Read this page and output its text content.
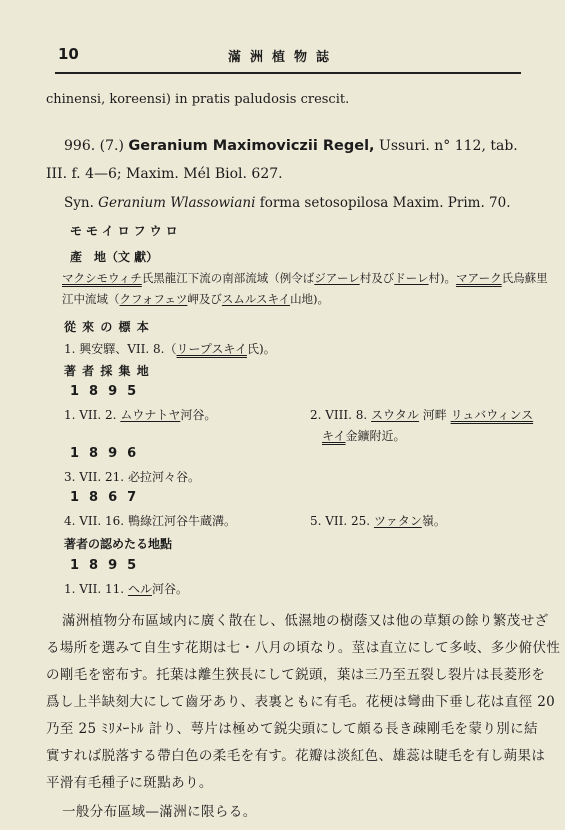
10	滿洲植物誌
chinensi, koreensi) in pratis paludosis crescit.
996. (7.) Geranium Maximoviczii Regel, Ussuri. n° 112, tab.
III. f. 4—6; Maxim. Mél Biol. 627.
Syn. Geranium Wlassowiani forma setosopilosa Maxim. Prim. 70.
モモイロフウロ
產　地（文 獻）
マクシモウィチ氏黑龍江下流の南部流域（例令ばジアーレ村及びドーレ村)。マアーク氏烏蘇里
江中流域（クフォフェツ岬及びスムルスキイ山地)。
從 來 の 標 本
1. 興安驛、VII. 8.（リープスキイ氏)。
著 者 採 集 地
1895
1. VII. 2. ムウナトヤ河谷。	2. VIII. 8. スウタル 河畔 リュバウィンス
キイ金鑛附近。
1896
3. VII. 21. 必拉河々谷。
1867
4. VII. 16. 鴨綠江河谷牛蔵溝。	5. VII. 25. ツァタン嶺。
著者の認めたる地點
1895
1. VII. 11. ヘル河谷。
滿洲植物分布區域内に廣く散在し、低濕地の樹蔭又は他の草類の餘り繁茂せざ
る場所を選みて自生す花期は七・八月の頃なり。莖は直立にして多岐、多少俯伏性
の剛毛を密布す。托葉は離生狹長にして鋭頭，葉は三乃至五裂し裂片は長菱形を
爲し上半缺刻大にして齒牙あり、表裏ともに有毛。花梗は彎曲下垂し花は直徑 20
乃至 25 ﾐﾘﾒｰﾄﾙ 計り、萼片は極めて鋭尖頭にして頗る長き疎剛毛を蒙り別に結
實すれば脱落する帶白色の柔毛を有す。花瓣は淡紅色、雄蕊は睫毛を有し蒴果は
平滑有毛種子に斑點あり。
一般分布區域—滿洲に限らる。
